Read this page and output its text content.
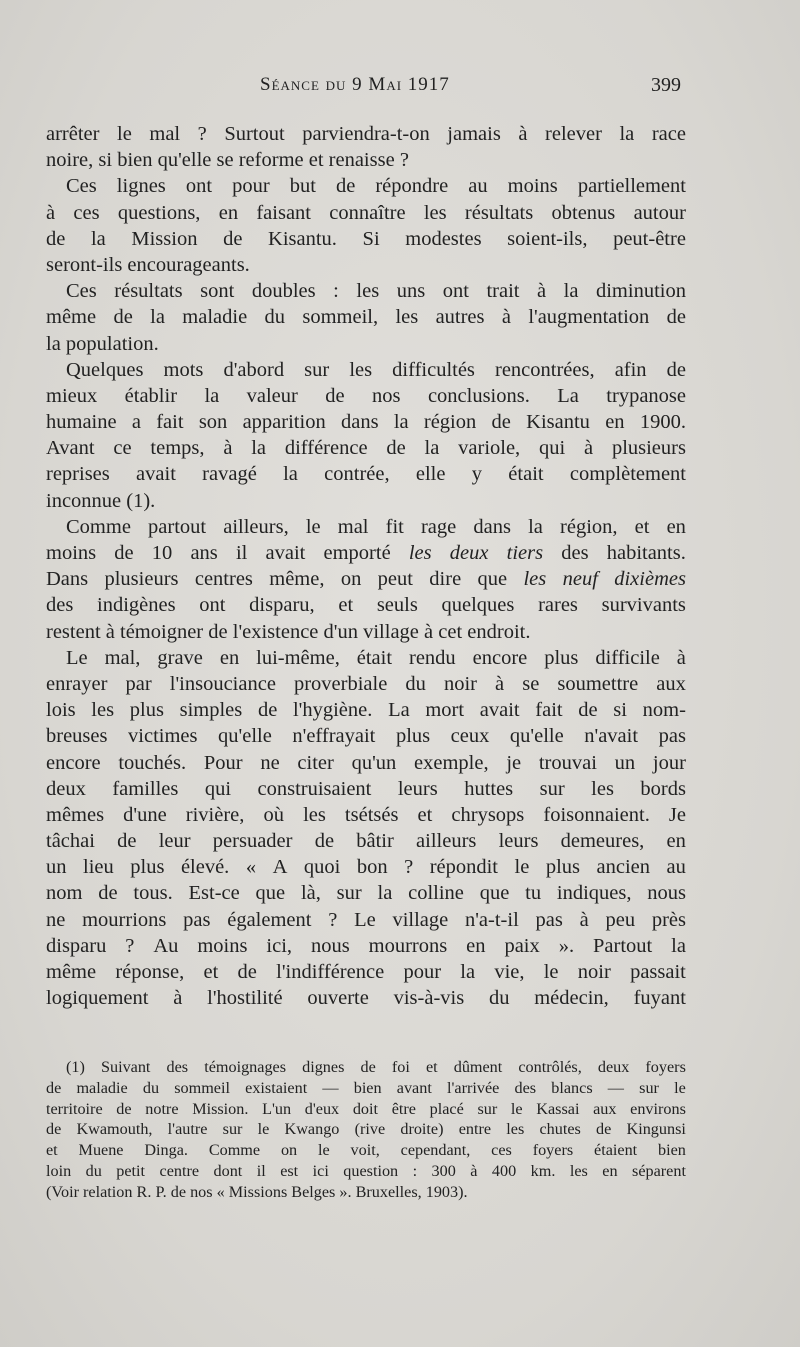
Séance du 9 Mai 1917	399
arrêter le mal ? Surtout parviendra-t-on jamais à relever la race
noire, si bien qu'elle se reforme et renaisse ?
Ces lignes ont pour but de répondre au moins partiellement
à ces questions, en faisant connaître les résultats obtenus autour
de la Mission de Kisantu. Si modestes soient-ils, peut-être
seront-ils encourageants.
Ces résultats sont doubles : les uns ont trait à la diminution
même de la maladie du sommeil, les autres à l'augmentation de
la population.
Quelques mots d'abord sur les difficultés rencontrées, afin de
mieux établir la valeur de nos conclusions. La trypanose
humaine a fait son apparition dans la région de Kisantu en 1900.
Avant ce temps, à la différence de la variole, qui à plusieurs
reprises avait ravagé la contrée, elle y était complètement
inconnue (1).
Comme partout ailleurs, le mal fit rage dans la région, et en
moins de 10 ans il avait emporté les deux tiers des habitants.
Dans plusieurs centres même, on peut dire que les neuf dixièmes
des indigènes ont disparu, et seuls quelques rares survivants
restent à témoigner de l'existence d'un village à cet endroit.
Le mal, grave en lui-même, était rendu encore plus difficile à
enrayer par l'insouciance proverbiale du noir à se soumettre aux
lois les plus simples de l'hygiène. La mort avait fait de si nom-
breuses victimes qu'elle n'effrayait plus ceux qu'elle n'avait pas
encore touchés. Pour ne citer qu'un exemple, je trouvai un jour
deux familles qui construisaient leurs huttes sur les bords
mêmes d'une rivière, où les tsétsés et chrysops foisonnaient. Je
tâchai de leur persuader de bâtir ailleurs leurs demeures, en
un lieu plus élevé. « A quoi bon ? répondit le plus ancien au
nom de tous. Est-ce que là, sur la colline que tu indiques, nous
ne mourrions pas également ? Le village n'a-t-il pas à peu près
disparu ? Au moins ici, nous mourrons en paix ». Partout la
même réponse, et de l'indifférence pour la vie, le noir passait
logiquement à l'hostilité ouverte vis-à-vis du médecin, fuyant
(1) Suivant des témoignages dignes de foi et dûment contrôlés, deux foyers
de maladie du sommeil existaient — bien avant l'arrivée des blancs — sur le
territoire de notre Mission. L'un d'eux doit être placé sur le Kassai aux environs
de Kwamouth, l'autre sur le Kwango (rive droite) entre les chutes de Kingunsi
et Muene Dinga. Comme on le voit, cependant, ces foyers étaient bien
loin du petit centre dont il est ici question : 300 à 400 km. les en séparent
(Voir relation R. P. de nos « Missions Belges ». Bruxelles, 1903).
